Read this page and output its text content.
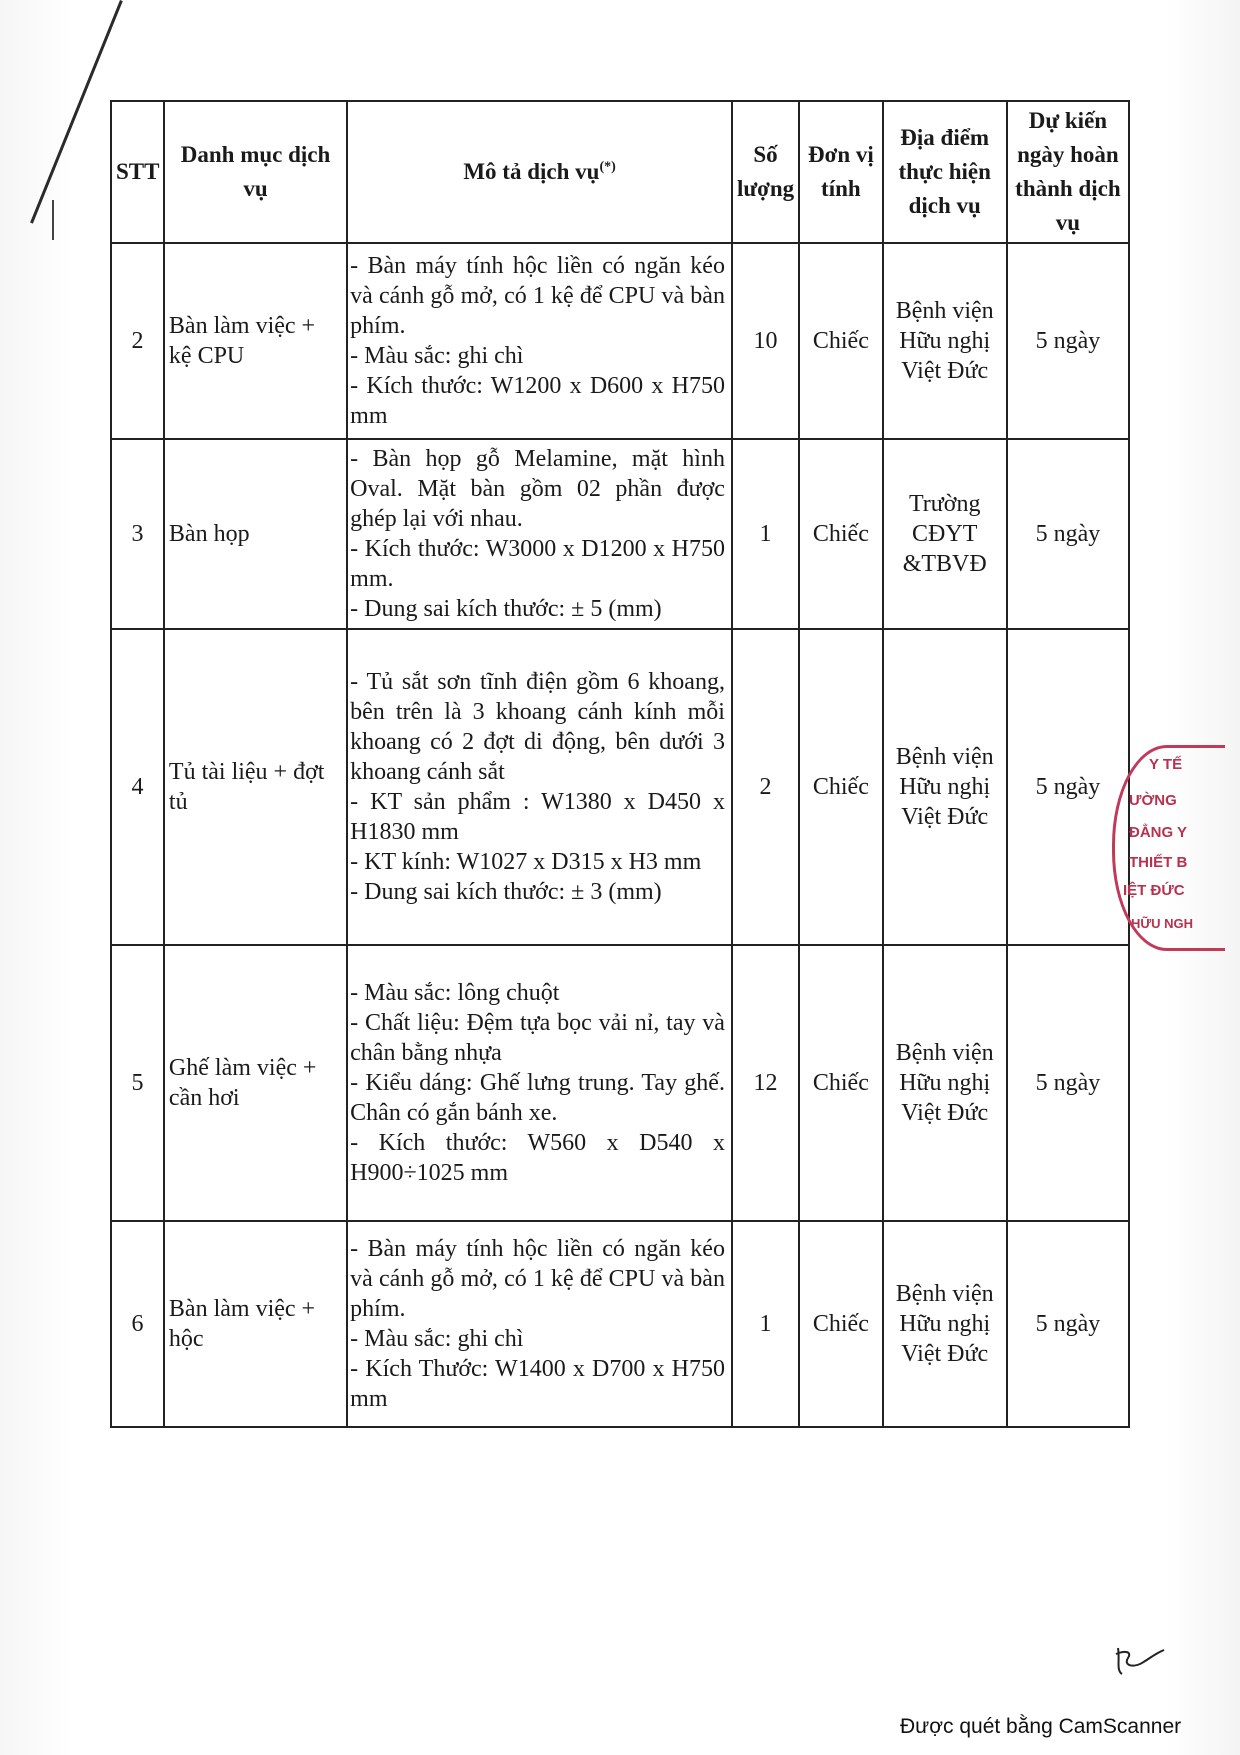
STT	Danh mục dịch vụ	Mô tả dịch vụ(*)	Số lượng	Đơn vị tính	Địa điểm thực hiện dịch vụ	Dự kiến ngày hoàn thành dịch vụ
2	Bàn làm việc + kệ CPU	- Bàn máy tính hộc liền có ngăn kéo và cánh gỗ mở, có 1 kệ để CPU và bàn phím.
- Màu sắc: ghi chì
- Kích thước: W1200 x D600 x H750 mm	10	Chiếc	Bệnh viện Hữu nghị Việt Đức	5 ngày
3	Bàn họp	- Bàn họp gỗ Melamine, mặt hình Oval. Mặt bàn gồm 02 phần được ghép lại với nhau.
- Kích thước: W3000 x D1200 x H750 mm.
- Dung sai kích thước: ± 5 (mm)	1	Chiếc	Trường CĐYT &TBVĐ	5 ngày
4	Tủ tài liệu + đợt tủ	- Tủ sắt sơn tĩnh điện gồm 6 khoang, bên trên là 3 khoang cánh kính mỗi khoang có 2 đợt di động, bên dưới 3 khoang cánh sắt
- KT sản phẩm : W1380 x D450 x H1830 mm
- KT kính: W1027 x D315 x H3 mm
- Dung sai kích thước: ± 3 (mm)	2	Chiếc	Bệnh viện Hữu nghị Việt Đức	5 ngày
5	Ghế làm việc + cần hơi	- Màu sắc: lông chuột
- Chất liệu: Đệm tựa bọc vải nỉ, tay và chân bằng nhựa
- Kiểu dáng: Ghế lưng trung. Tay ghế. Chân có gắn bánh xe.
- Kích thước: W560 x D540 x H900÷1025 mm	12	Chiếc	Bệnh viện Hữu nghị Việt Đức	5 ngày
6	Bàn làm việc + hộc	- Bàn máy tính hộc liền có ngăn kéo và cánh gỗ mở, có 1 kệ để CPU và bàn phím.
- Màu sắc: ghi chì
- Kích Thước: W1400 x D700 x H750 mm	1	Chiếc	Bệnh viện Hữu nghị Việt Đức	5 ngày
Y TẾ
ƯỜNG
ĐẲNG Y
THIẾT B
IỆT ĐỨC
HỮU NGH
Được quét bằng CamScanner
